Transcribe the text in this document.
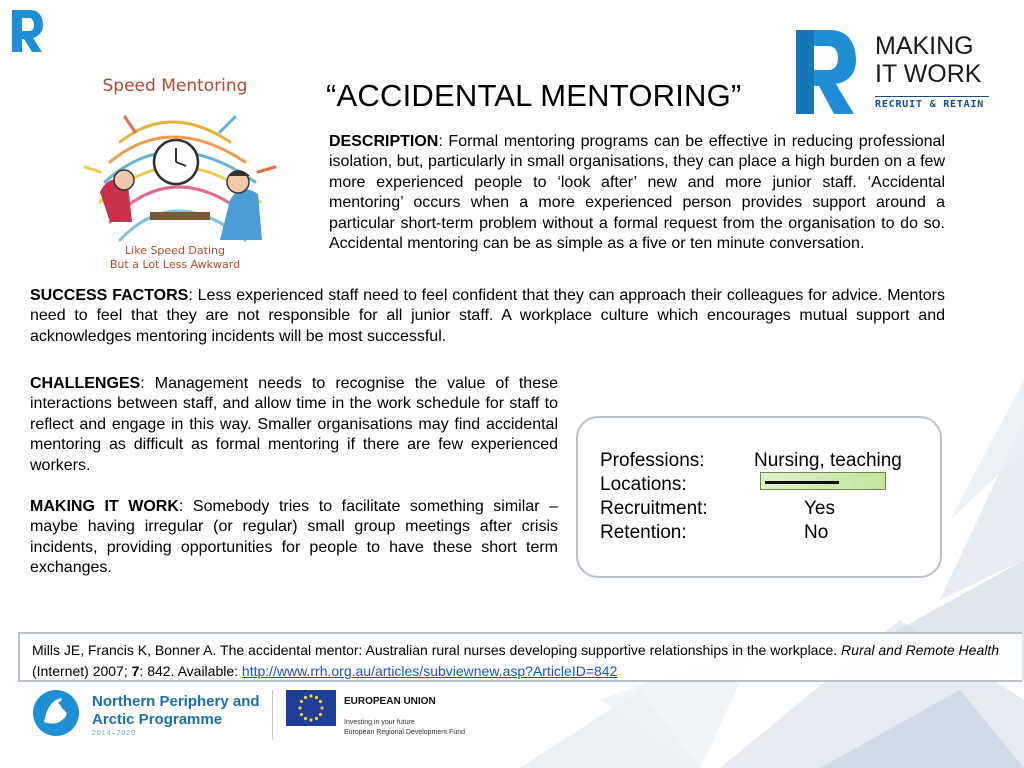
Speed Mentoring
Like Speed Dating
But a Lot Less Awkward
“ACCIDENTAL MENTORING”
MAKING
IT WORK
RECRUIT & RETAIN
DESCRIPTION: Formal mentoring programs can be effective in reducing professional isolation, but, particularly in small organisations, they can place a high burden on a few more experienced people to ‘look after’ new and more junior staff. ‘Accidental mentoring’ occurs when a more experienced person provides support around a particular short-term problem without a formal request from the organisation to do so. Accidental mentoring can be as simple as a five or ten minute conversation.
SUCCESS FACTORS: Less experienced staff need to feel confident that they can approach their colleagues for advice. Mentors need to feel that they are not responsible for all junior staff. A workplace culture which encourages mutual support and acknowledges mentoring incidents will be most successful.
CHALLENGES: Management needs to recognise the value of these interactions between staff, and allow time in the work schedule for staff to reflect and engage in this way. Smaller organisations may find accidental mentoring as difficult as formal mentoring if there are few experienced workers.
MAKING IT WORK: Somebody tries to facilitate something similar – maybe having irregular (or regular) small group meetings after crisis incidents, providing opportunities for people to have these short term exchanges.
Professions:	Nursing, teaching
Locations:
Recruitment:	Yes
Retention:	No
Mills JE, Francis K, Bonner A. The accidental mentor: Australian rural nurses developing supportive relationships in the workplace. Rural and Remote Health (Internet) 2007; 7: 842. Available: http://www.rrh.org.au/articles/subviewnew.asp?ArticleID=842
Northern Periphery and
Arctic Programme
2014–2020
EUROPEAN UNION
Investing in your future
European Regional Development Fund
